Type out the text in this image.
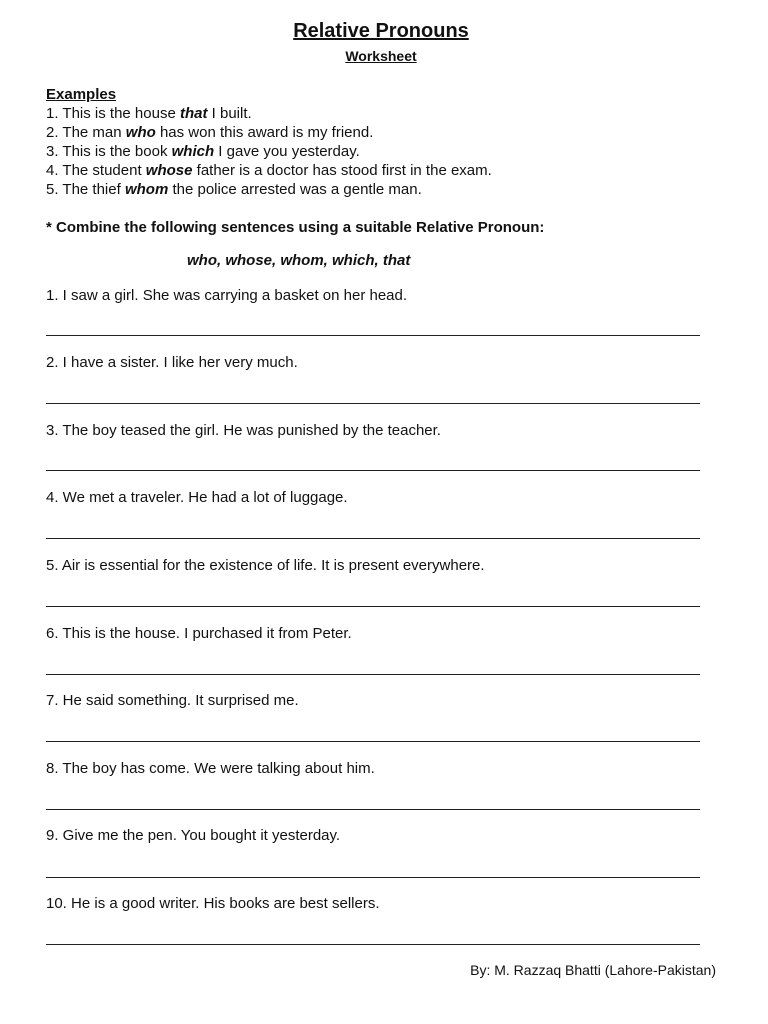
Relative Pronouns
Worksheet
Examples
1. This is the house that I built.
2. The man who has won this award is my friend.
3. This is the book which I gave you yesterday.
4. The student whose father is a doctor has stood first in the exam.
5. The thief whom the police arrested was a gentle man.
* Combine the following sentences using a suitable Relative Pronoun:
who, whose, whom, which, that
1. I saw a girl. She was carrying a basket on her head.
2. I have a sister. I like her very much.
3. The boy teased the girl. He was punished by the teacher.
4. We met a traveler. He had a lot of luggage.
5. Air is essential for the existence of life. It is present everywhere.
6. This is the house. I purchased it from Peter.
7. He said something. It surprised me.
8. The boy has come. We were talking about him.
9. Give me the pen. You bought it yesterday.
10. He is a good writer. His books are best sellers.
By: M. Razzaq Bhatti (Lahore-Pakistan)
